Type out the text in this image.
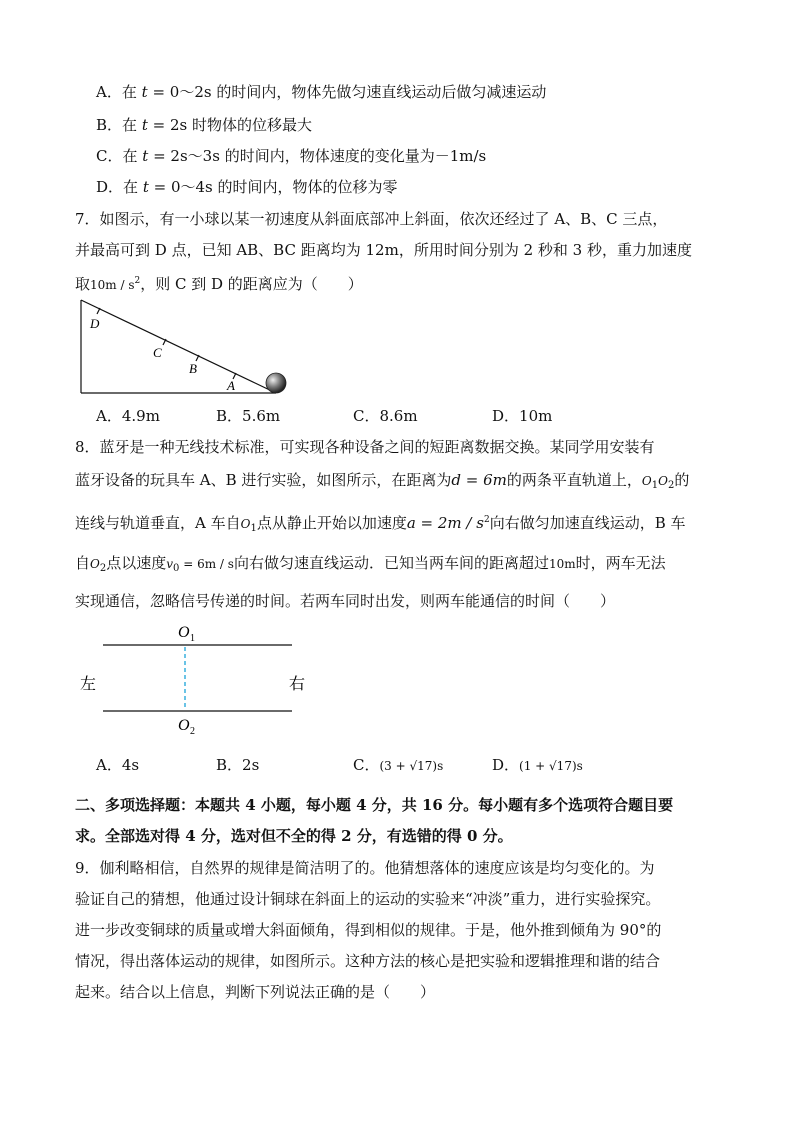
A．在 t = 0～2s 的时间内，物体先做匀速直线运动后做匀减速运动
B．在 t = 2s 时物体的位移最大
C．在 t = 2s～3s 的时间内，物体速度的变化量为－1m/s
D．在 t = 0～4s 的时间内，物体的位移为零
7．如图示，有一小球以某一初速度从斜面底部冲上斜面，依次还经过了 A、B、C 三点，
并最高可到 D 点，已知 AB、BC 距离均为 12m，所用时间分别为 2 秒和 3 秒，重力加速度
取$10m / s^2$，则 C 到 D 的距离应为（　　）
D
C
B
A
A．4.9m	B．5.6m	C．8.6m	D．10m
8．蓝牙是一种无线技术标准，可实现各种设备之间的短距离数据交换。某同学用安装有
蓝牙设备的玩具车 A、B 进行实验，如图所示，在距离为d = 6m的两条平直轨道上，$O_1O_2$的
连线与轨道垂直，A 车自$O_1$点从静止开始以加速度$a = 2m / s^2$向右做匀加速直线运动，B 车
自$O_2$点以速度$v_0 = 6m / s$向右做匀速直线运动．已知当两车间的距离超过10m时，两车无法
实现通信，忽略信号传递的时间。若两车同时出发，则两车能通信的时间（　　）
O 1
O 2
左	右
A．4s	B．2s	C．(3 + √17)s	D．(1 + √17)s
二、多项选择题：本题共 4 小题，每小题 4 分，共 16 分。每小题有多个选项符合题目要
求。全部选对得 4 分，选对但不全的得 2 分，有选错的得 0 分。
9．伽利略相信，自然界的规律是简洁明了的。他猜想落体的速度应该是均匀变化的。为
验证自己的猜想，他通过设计铜球在斜面上的运动的实验来“冲淡”重力，进行实验探究。
进一步改变铜球的质量或增大斜面倾角，得到相似的规律。于是，他外推到倾角为 90°的
情况，得出落体运动的规律，如图所示。这种方法的核心是把实验和逻辑推理和谐的结合
起来。结合以上信息，判断下列说法正确的是（　　）
